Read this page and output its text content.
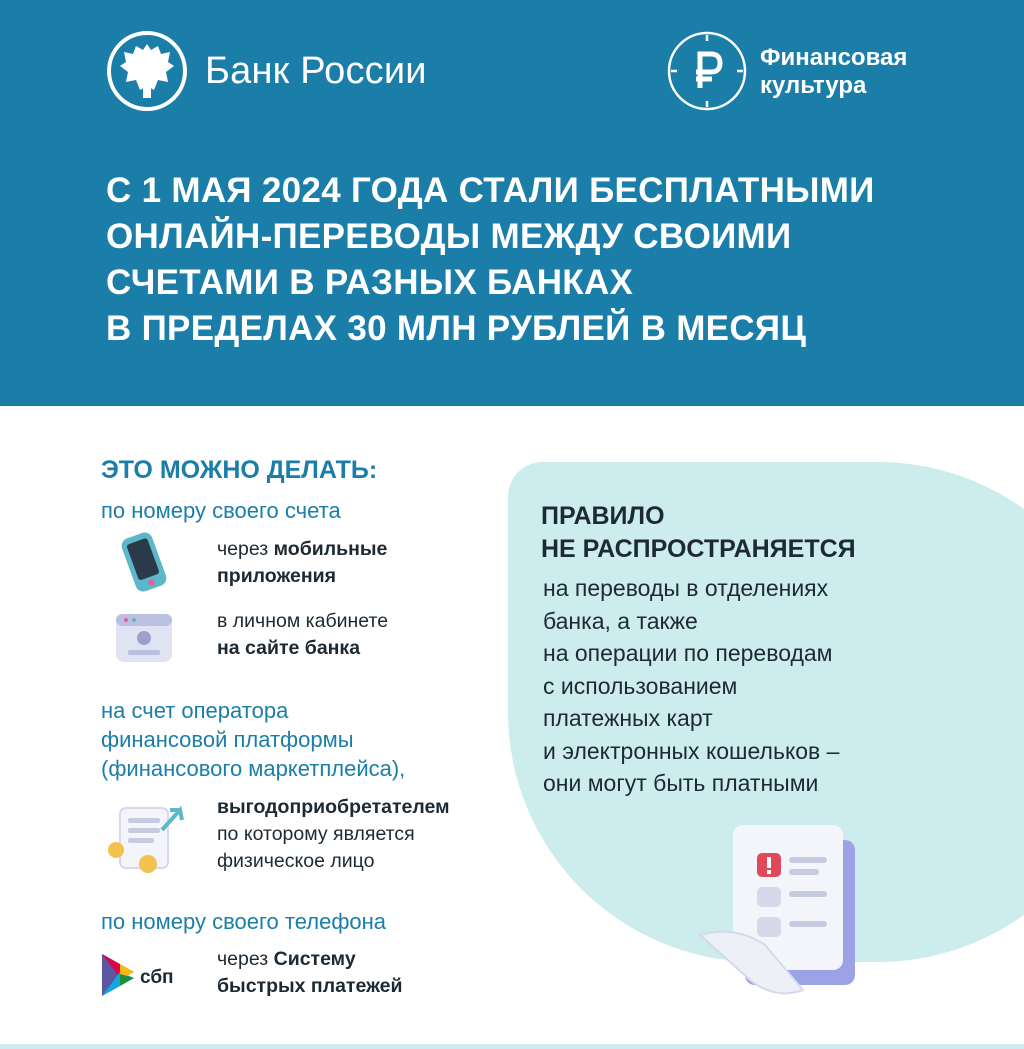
Банк России	Финансовая
культура
С 1 МАЯ 2024 ГОДА СТАЛИ БЕСПЛАТНЫМИ
ОНЛАЙН-ПЕРЕВОДЫ МЕЖДУ СВОИМИ
СЧЕТАМИ В РАЗНЫХ БАНКАХ
В ПРЕДЕЛАХ 30 МЛН РУБЛЕЙ В МЕСЯЦ
ПРАВИЛО
НЕ РАСПРОСТРАНЯЕТСЯ
на переводы в отделениях
банка, а также
на операции по переводам
с использованием
платежных карт
и электронных кошельков –
они могут быть платными
ЭТО МОЖНО ДЕЛАТЬ:
по номеру своего счета
через мобильные
приложения
в личном кабинете
на сайте банка
на счет оператора
финансовой платформы
(финансового маркетплейса),
выгодоприобретателем
по которому является
физическое лицо
по номеру своего телефона
сбп
через Систему
быстрых платежей
